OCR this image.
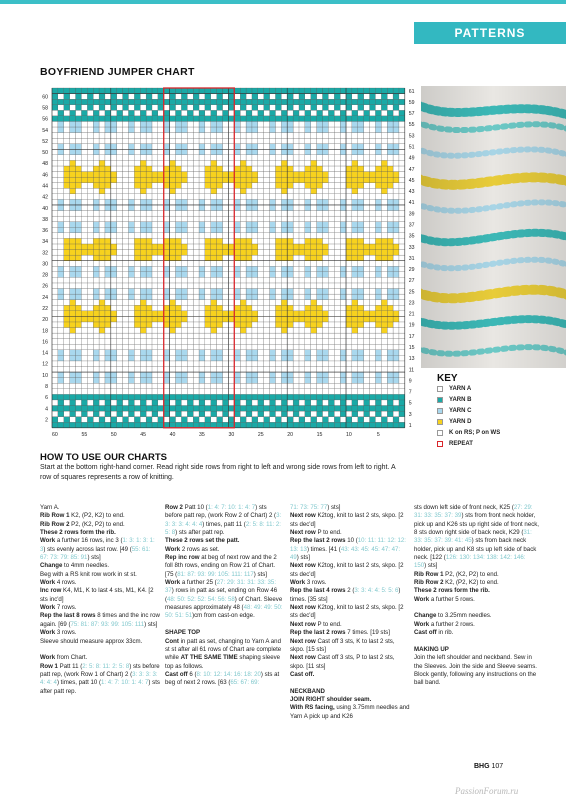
PATTERNS
BOYFRIEND JUMPER CHART
2
4
6
8
10
12
14
16
18
20
22
24
26
28
30
32
34
36
38
40
42
44
46
48
50
52
54
56
58
60
1
3
5
7
9
11
13
15
17
19
21
23
25
27
29
31
33
35
37
39
41
43
45
47
49
51
53
55
57
59
61
60	55	50	45	40	35	30	25	20	15	10	5
KEY
YARN A
YARN B
YARN C
YARN D
K on RS; P on WS
REPEAT
HOW TO USE OUR CHARTS
Start at the bottom right-hand corner. Read right side rows from right to left and wrong side rows from left to right. A row of squares represents a row of knitting.

Yarn A.

Rib Row 1 K2, (P2, K2) to end.

Rib Row 2 P2, (K2, P2) to end.

These 2 rows form the rib.

Work a further 16 rows, inc 3 (1: 3: 1: 3: 1: 3) sts evenly across last row. [49 (55: 61: 67: 73: 79: 85: 91) sts]

Change to 4mm needles.

Beg with a RS knit row work in st st.

Work 4 rows.

Inc row K4, M1, K to last 4 sts, M1, K4. [2 sts inc'd]

Work 7 rows.

Rep the last 8 rows 8 times and the inc row again. [69 (75: 81: 87: 93: 99: 105: 111) sts]

Work 3 rows.

Sleeve should measure approx 33cm.

Work from Chart.

Row 1 Patt 11 (2: 5: 8: 11: 2: 5: 8) sts before patt rep, (work Row 1 of Chart) 2 (3: 3: 3: 3: 4: 4: 4) times, patt 10 (1: 4: 7: 10: 1: 4: 7) sts after patt rep.

Row 2 Patt 10 (1: 4: 7: 10: 1: 4: 7) sts before patt rep, (work Row 2 of Chart) 2 (3: 3: 3: 3: 4: 4: 4) times, patt 11 (2: 5: 8: 11: 2: 5: 8) sts after patt rep.

These 2 rows set the patt.

Work 2 rows as set.

Rep inc row at beg of next row and the 2 foll 8th rows, ending on Row 21 of Chart. [75 (81: 87: 93: 99: 105: 111: 117) sts]

Work a further 25 (27: 29: 31: 31: 33: 35: 37) rows in patt as set, ending on Row 46 (48: 50: 52: 52: 54: 56: 58) of Chart. Sleeve measures approximately 48 (48: 49: 49: 50: 50: 51: 51)cm from cast-on edge.

SHAPE TOP

Cont in patt as set, changing to Yarn A and st st after all 61 rows of Chart are complete while AT THE SAME TIME shaping sleeve top as follows.

Cast off 6 (8: 10: 12: 14: 16: 18: 20) sts at beg of next 2 rows. [63 (65: 67: 69:

71: 73: 75: 77) sts]

Next row K2tog, knit to last 2 sts, skpo. [2 sts dec'd]

Next row P to end.

Rep the last 2 rows 10 (10: 11: 11: 12: 12: 13: 13) times. [41 (43: 43: 45: 45: 47: 47: 49) sts]

Next row K2tog, knit to last 2 sts, skpo. [2 sts dec'd]

Work 3 rows.

Rep the last 4 rows 2 (3: 3: 4: 4: 5: 5: 6) times. [35 sts]

Next row K2tog, knit to last 2 sts, skpo. [2 sts dec'd]

Next row P to end.

Rep the last 2 rows 7 times. [19 sts]

Next row Cast off 3 sts, K to last 2 sts, skpo. [15 sts]

Next row Cast off 3 sts, P to last 2 sts, skpo. [11 sts]

Cast off.

NECKBAND

JOIN RIGHT shoulder seam.

With RS facing, using 3.75mm needles and Yarn A pick up and K26

sts down left side of front neck, K25 (27: 29: 31: 33: 35: 37: 39) sts from front neck holder, pick up and K26 sts up right side of front neck, 8 sts down right side of back neck, K29 (31: 33: 35: 37: 39: 41: 45) sts from back neck holder, pick up and K8 sts up left side of back neck. [122 (126: 130: 134: 138: 142: 146: 150) sts]

Rib Row 1 P2, (K2, P2) to end.

Rib Row 2 K2, (P2, K2) to end.

These 2 rows form the rib.

Work a further 5 rows.

Change to 3.25mm needles.

Work a further 2 rows.

Cast off in rib.

MAKING UP

Join the left shoulder and neckband. Sew in the Sleeves. Join the side and Sleeve seams. Block gently, following any instructions on the ball band.

BHG 107
PassionForum.ru
